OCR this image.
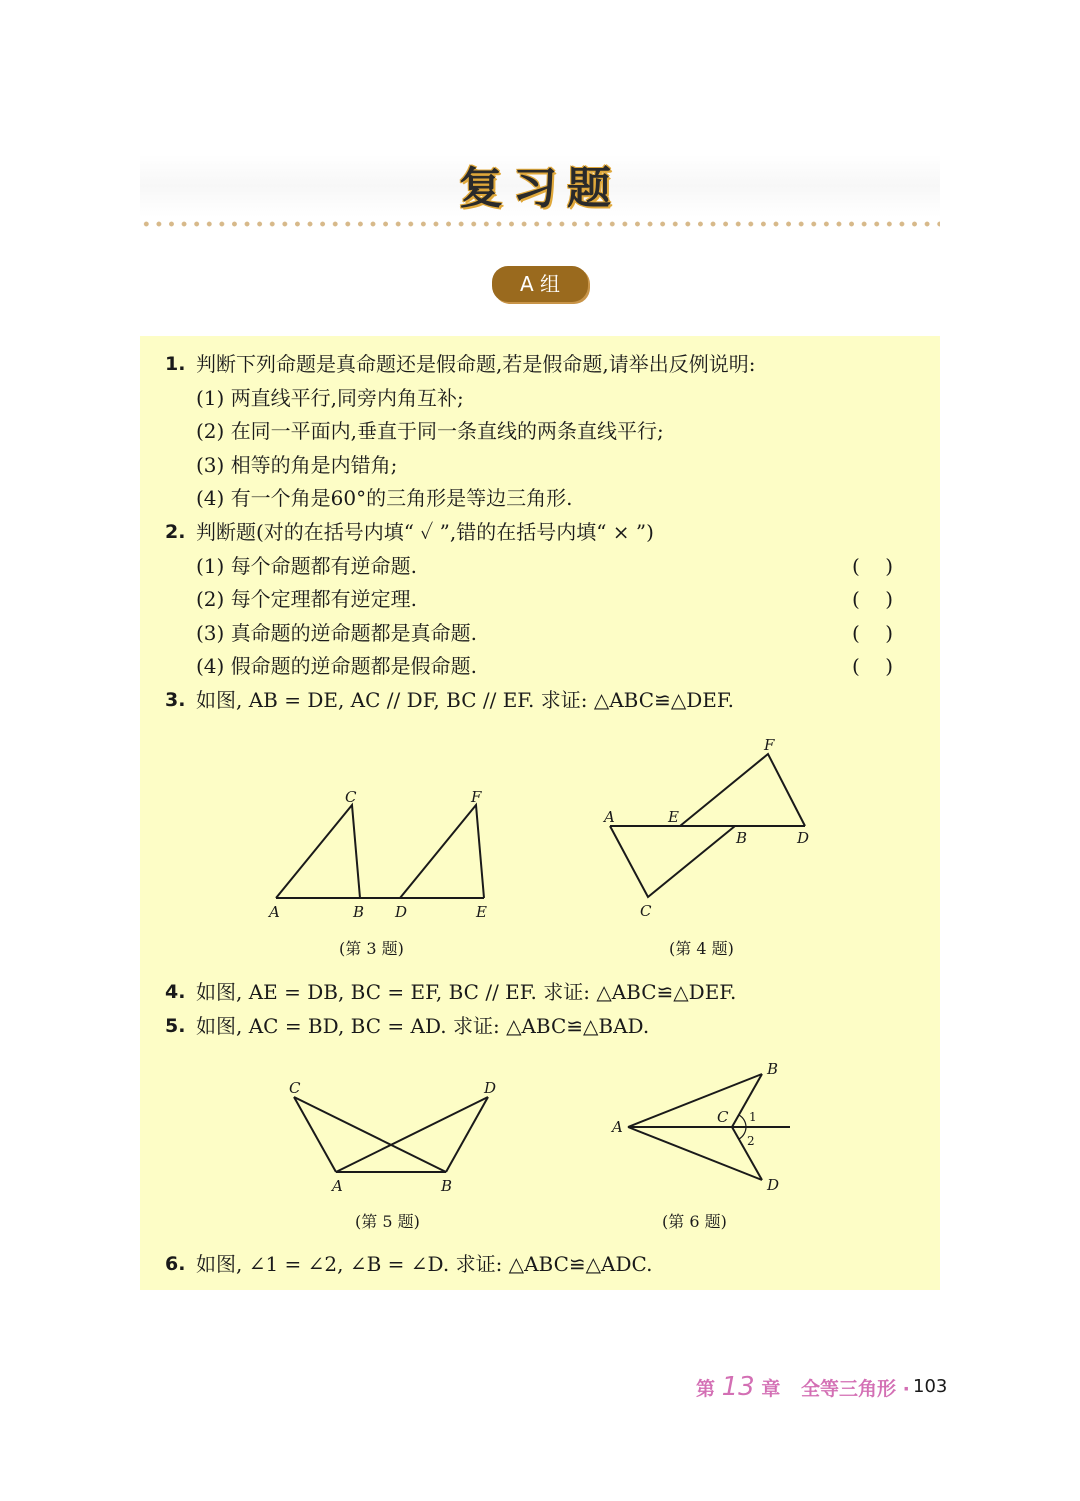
复习题
A 组
1. 判断下列命题是真命题还是假命题,若是假命题,请举出反例说明:
(1) 两直线平行,同旁内角互补;
(2) 在同一平面内,垂直于同一条直线的两条直线平行;
(3) 相等的角是内错角;
(4) 有一个角是60°的三角形是等边三角形.
2. 判断题(对的在括号内填“ ✓ ”,错的在括号内填“ × ”)
(1) 每个命题都有逆命题.	(    )
(2) 每个定理都有逆定理.	(    )
(3) 真命题的逆命题都是真命题.	(    )
(4) 假命题的逆命题都是假命题.	(    )
3. 如图, AB = DE, AC // DF, BC // EF. 求证: △ABC≌△DEF.
C	F
A	B D	E
(第 3 题)
F
A	E
B	D
C
(第 4 题)
4. 如图, AE = DB, BC = EF, BC // EF. 求证: △ABC≌△DEF.
5. 如图, AC = BD, BC = AD. 求证: △ABC≌△BAD.
C	D
A	B
(第 5 题)
B
A
C 1
2
D
(第 6 题)
6. 如图, ∠1 = ∠2, ∠B = ∠D. 求证: △ABC≌△ADC.
第 13 章 全等三角形 · 103
